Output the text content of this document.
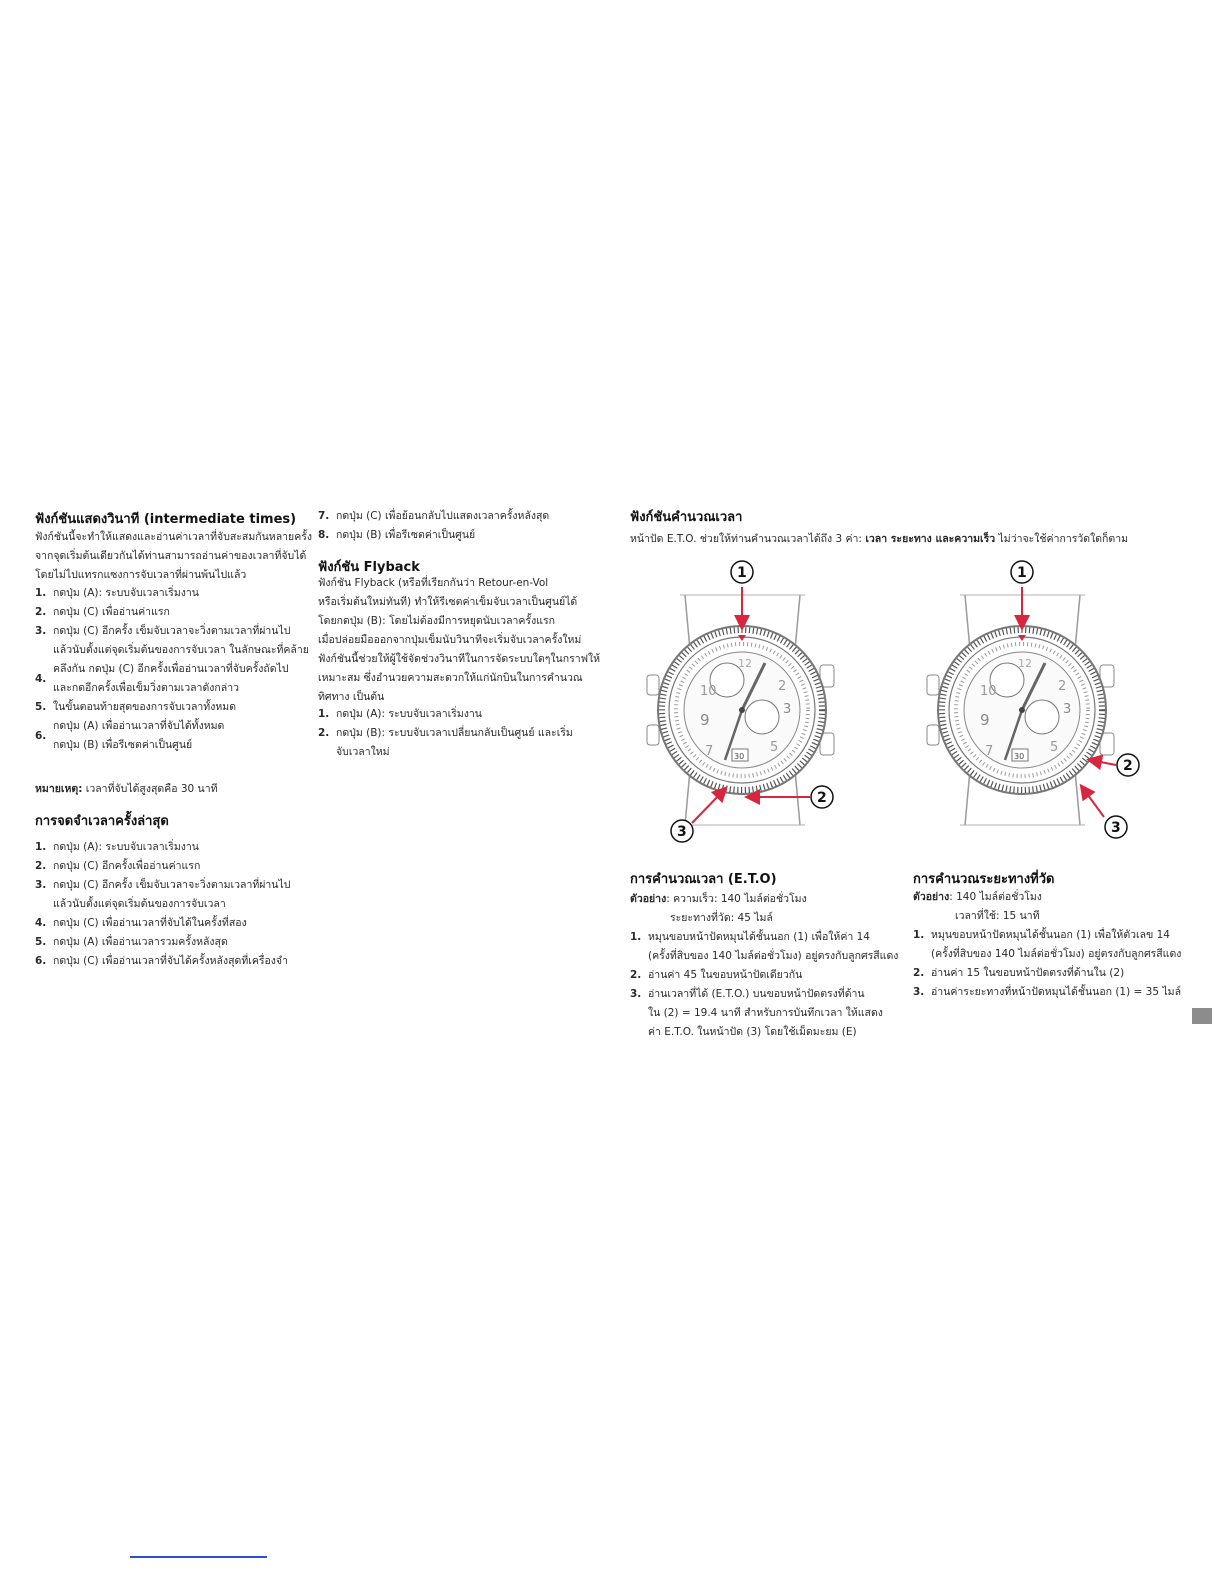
ฟังก์ชันแสดงวินาที (intermediate times)
ฟังก์ชันนี้จะทำให้แสดงและอ่านค่าเวลาที่จับสะสมกันหลายครั้ง
จากจุดเริ่มต้นเดียวกันได้ท่านสามารถอ่านค่าของเวลาที่จับได้
โดยไม่ไปแทรกแซงการจับเวลาที่ผ่านพ้นไปแล้ว
1. กดปุ่ม (A): ระบบจับเวลาเริ่มงาน
2. กดปุ่ม (C) เพื่ออ่านค่าแรก
3. กดปุ่ม (C) อีกครั้ง เข็มจับเวลาจะวิ่งตามเวลาที่ผ่านไป
แล้วนับตั้งแต่จุดเริ่มต้นของการจับเวลา ในลักษณะที่คล้าย
4.
คลึงกัน กดปุ่ม (C) อีกครั้งเพื่ออ่านเวลาที่จับครั้งถัดไป
และกดอีกครั้งเพื่อเข็มวิ่งตามเวลาดังกล่าว
5. ในขั้นตอนท้ายสุดของการจับเวลาทั้งหมด
6.
กดปุ่ม (A) เพื่ออ่านเวลาที่จับได้ทั้งหมด
กดปุ่ม (B) เพื่อรีเซตค่าเป็นศูนย์
หมายเหตุ: เวลาที่จับได้สูงสุดคือ 30 นาที
การจดจำเวลาครั้งล่าสุด
1. กดปุ่ม (A): ระบบจับเวลาเริ่มงาน
2. กดปุ่ม (C) อีกครั้งเพื่ออ่านค่าแรก
3. กดปุ่ม (C) อีกครั้ง เข็มจับเวลาจะวิ่งตามเวลาที่ผ่านไป
แล้วนับตั้งแต่จุดเริ่มต้นของการจับเวลา
4. กดปุ่ม (C) เพื่ออ่านเวลาที่จับได้ในครั้งที่สอง
5. กดปุ่ม (A) เพื่ออ่านเวลารวมครั้งหลังสุด
6. กดปุ่ม (C) เพื่ออ่านเวลาที่จับได้ครั้งหลังสุดที่เครื่องจำ
7. กดปุ่ม (C) เพื่อย้อนกลับไปแสดงเวลาครั้งหลังสุด
8. กดปุ่ม (B) เพื่อรีเซตค่าเป็นศูนย์
ฟังก์ชัน Flyback
ฟังก์ชัน Flyback (หรือที่เรียกกันว่า Retour-en-Vol
หรือเริ่มต้นใหม่ทันที) ทำให้รีเซตค่าเข็มจับเวลาเป็นศูนย์ได้
โดยกดปุ่ม (B): โดยไม่ต้องมีการหยุดนับเวลาครั้งแรก
เมื่อปล่อยมือออกจากปุ่มเข็มนับวินาทีจะเริ่มจับเวลาครั้งใหม่
ฟังก์ชันนี้ช่วยให้ผู้ใช้จัดช่วงวินาทีในการจัดระบบใดๆในกราฟให้
เหมาะสม ซึ่งอำนวยความสะดวกให้แก่นักบินในการคำนวณ
ทิศทาง เป็นต้น
1. กดปุ่ม (A): ระบบจับเวลาเริ่มงาน
2. กดปุ่ม (B): ระบบจับเวลาเปลี่ยนกลับเป็นศูนย์ และเริ่ม
จับเวลาใหม่
ฟังก์ชันคำนวณเวลา
หน้าปัด E.T.O. ช่วยให้ท่านคำนวณเวลาได้ถึง 3 ค่า: เวลา ระยะทาง และความเร็ว ไม่ว่าจะใช้ค่าการวัดใดก็ตาม
12
10
9
2
3
7	5
30
1
2
3
12
10
9
2
3
7	5
30
1
2
3
การคำนวณเวลา (E.T.O)
ตัวอย่าง: ความเร็ว: 140 ไมล์ต่อชั่วโมง
ระยะทางที่วัด: 45 ไมล์
1. หมุนขอบหน้าปัดหมุนได้ชั้นนอก (1) เพื่อให้ค่า 14
(ครั้งที่สิบของ 140 ไมล์ต่อชั่วโมง) อยู่ตรงกับลูกศรสีแดง
2. อ่านค่า 45 ในขอบหน้าปัดเดียวกัน
3. อ่านเวลาที่ได้ (E.T.O.) บนขอบหน้าปัดตรงที่ด้าน
ใน (2) = 19.4 นาที สำหรับการบันทึกเวลา ให้แสดง
ค่า E.T.O. ในหน้าปัด (3) โดยใช้เม็ดมะยม (E)
การคำนวณระยะทางที่วัด
ตัวอย่าง: 140 ไมล์ต่อชั่วโมง
เวลาที่ใช้: 15 นาที
1. หมุนขอบหน้าปัดหมุนได้ชั้นนอก (1) เพื่อให้ตัวเลข 14
(ครั้งที่สิบของ 140 ไมล์ต่อชั่วโมง) อยู่ตรงกับลูกศรสีแดง
2. อ่านค่า 15 ในขอบหน้าปัดตรงที่ด้านใน (2)
3. อ่านค่าระยะทางที่หน้าปัดหมุนได้ชั้นนอก (1) = 35 ไมล์
